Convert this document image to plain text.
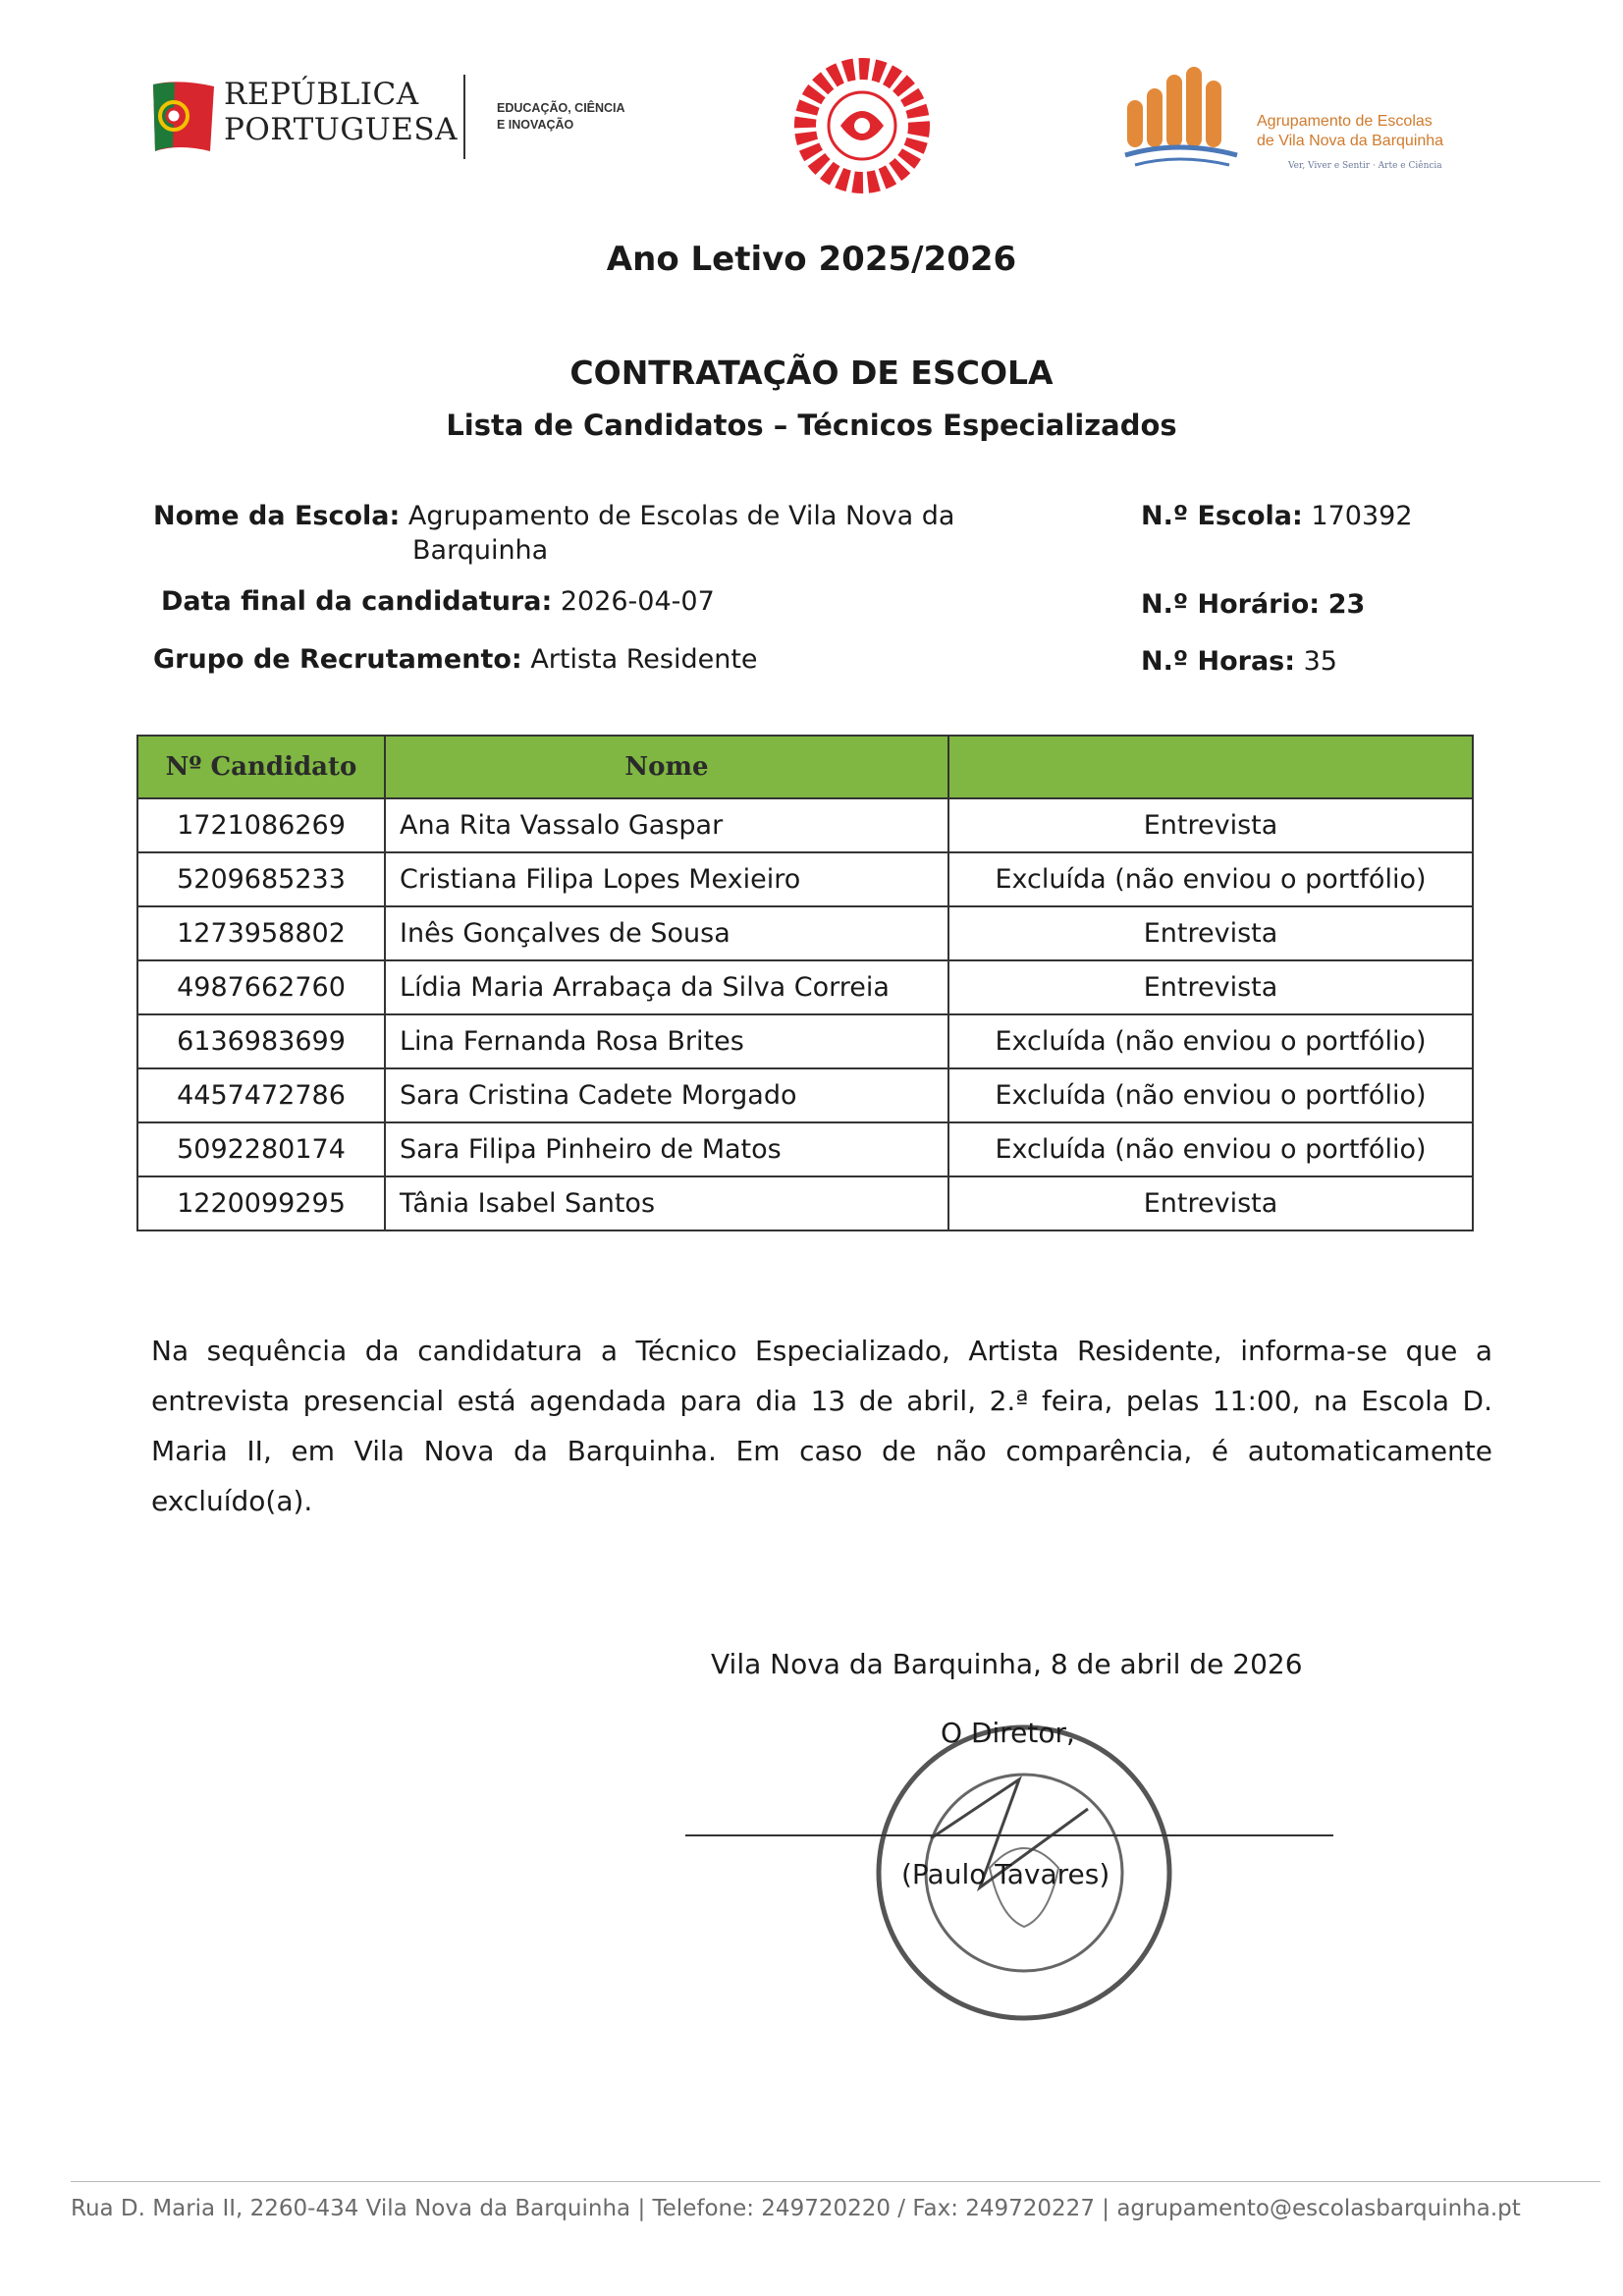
REPÚBLICA
PORTUGUESA
EDUCAÇÃO, CIÊNCIA
E INOVAÇÃO	Agrupamento de Escolas
de Vila Nova da Barquinha
Ver, Viver e Sentir · Arte e Ciência
Ano Letivo 2025/2026
CONTRATAÇÃO DE ESCOLA
Lista de Candidatos – Técnicos Especializados
Nome da Escola: Agrupamento de Escolas de Vila Nova da
Barquinha
N.º Escola: 170392
Data final da candidatura: 2026-04-07	N.º Horário: 23
Grupo de Recrutamento: Artista Residente	N.º Horas: 35
Nº Candidato	Nome	
1721086269	Ana Rita Vassalo Gaspar	Entrevista
5209685233	Cristiana Filipa Lopes Mexieiro	Excluída (não enviou o portfólio)
1273958802	Inês Gonçalves de Sousa	Entrevista
4987662760	Lídia Maria Arrabaça da Silva Correia	Entrevista
6136983699	Lina Fernanda Rosa Brites	Excluída (não enviou o portfólio)
4457472786	Sara Cristina Cadete Morgado	Excluída (não enviou o portfólio)
5092280174	Sara Filipa Pinheiro de Matos	Excluída (não enviou o portfólio)
1220099295	Tânia Isabel Santos	Entrevista
Na sequência da candidatura a Técnico Especializado, Artista Residente, informa-se que a entrevista presencial está agendada para dia 13 de abril, 2.ª feira, pelas 11:00, na Escola D. Maria II, em Vila Nova da Barquinha. Em caso de não comparência, é automaticamente excluído(a).
Vila Nova da Barquinha, 8 de abril de 2026
O Diretor,
(Paulo Tavares)
Rua D. Maria II, 2260-434 Vila Nova da Barquinha | Telefone: 249720220 / Fax: 249720227 | agrupamento@escolasbarquinha.pt
